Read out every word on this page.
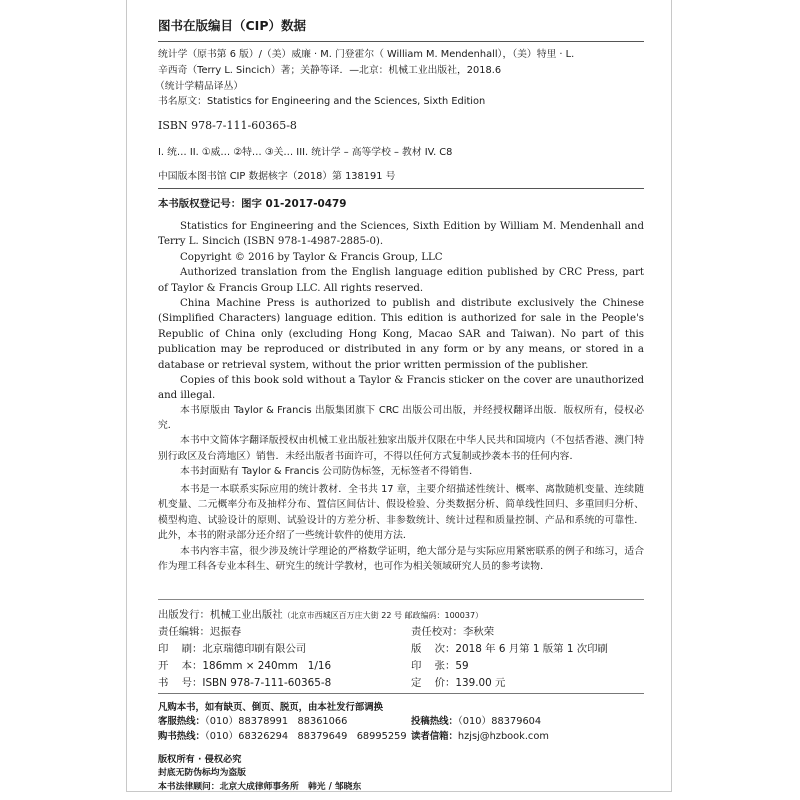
图书在版编目（CIP）数据
统计学（原书第 6 版）/（美）威廉 · M. 门登霍尔（ William M. Mendenhall），（美）特里 · L.
辛西奇（Terry L. Sincich）著；关静等译．—北京：机械工业出版社，2018.6
（统计学精品译丛）
书名原文：Statistics for Engineering and the Sciences, Sixth Edition
ISBN 978-7-111-60365-8
I. 统… II. ①威… ②特… ③关… III. 统计学 – 高等学校 – 教材 IV. C8
中国版本图书馆 CIP 数据核字（2018）第 138191 号
本书版权登记号：图字 01-2017-0479
Statistics for Engineering and the Sciences, Sixth Edition by William M. Mendenhall and Terry L. Sincich (ISBN 978-1-4987-2885-0).
Copyright © 2016 by Taylor & Francis Group, LLC
Authorized translation from the English language edition published by CRC Press, part of Taylor & Francis Group LLC. All rights reserved.
China Machine Press is authorized to publish and distribute exclusively the Chinese (Simplified Characters) language edition. This edition is authorized for sale in the People's Republic of China only (excluding Hong Kong, Macao SAR and Taiwan). No part of this publication may be reproduced or distributed in any form or by any means, or stored in a database or retrieval system, without the prior written permission of the publisher.
Copies of this book sold without a Taylor & Francis sticker on the cover are unauthorized and illegal.
本书原版由 Taylor & Francis 出版集团旗下 CRC 出版公司出版，并经授权翻译出版．版权所有，侵权必究．
本书中文简体字翻译版授权由机械工业出版社独家出版并仅限在中华人民共和国境内（不包括香港、澳门特别行政区及台湾地区）销售．未经出版者书面许可，不得以任何方式复制或抄袭本书的任何内容．
本书封面贴有 Taylor & Francis 公司防伪标签，无标签者不得销售．
本书是一本联系实际应用的统计教材．全书共 17 章，主要介绍描述性统计、概率、离散随机变量、连续随机变量、二元概率分布及抽样分布、置信区间估计、假设检验、分类数据分析、简单线性回归、多重回归分析、模型构造、试验设计的原则、试验设计的方差分析、非参数统计、统计过程和质量控制、产品和系统的可靠性．此外，本书的附录部分还介绍了一些统计软件的使用方法．
本书内容丰富，很少涉及统计学理论的严格数学证明，绝大部分是与实际应用紧密联系的例子和练习，适合作为理工科各专业本科生、研究生的统计学教材，也可作为相关领域研究人员的参考读物．
出版发行：机械工业出版社（北京市西城区百万庄大街 22 号 邮政编码：100037）
责任编辑：迟振春	责任校对：李秋荣
印    刷：北京瑞德印刷有限公司	版    次：2018 年 6 月第 1 版第 1 次印刷
开    本：186mm × 240mm   1/16	印    张：59
书    号：ISBN 978-7-111-60365-8	定    价：139.00 元
凡购本书，如有缺页、倒页、脱页，由本社发行部调换
客服热线：（010）88378991   88361066	投稿热线：（010）88379604
购书热线：（010）68326294   88379649   68995259 读者信箱：hzjsj@hzbook.com
版权所有 · 侵权必究
封底无防伪标均为盗版
本书法律顾问：北京大成律师事务所   韩光 / 邹晓东
